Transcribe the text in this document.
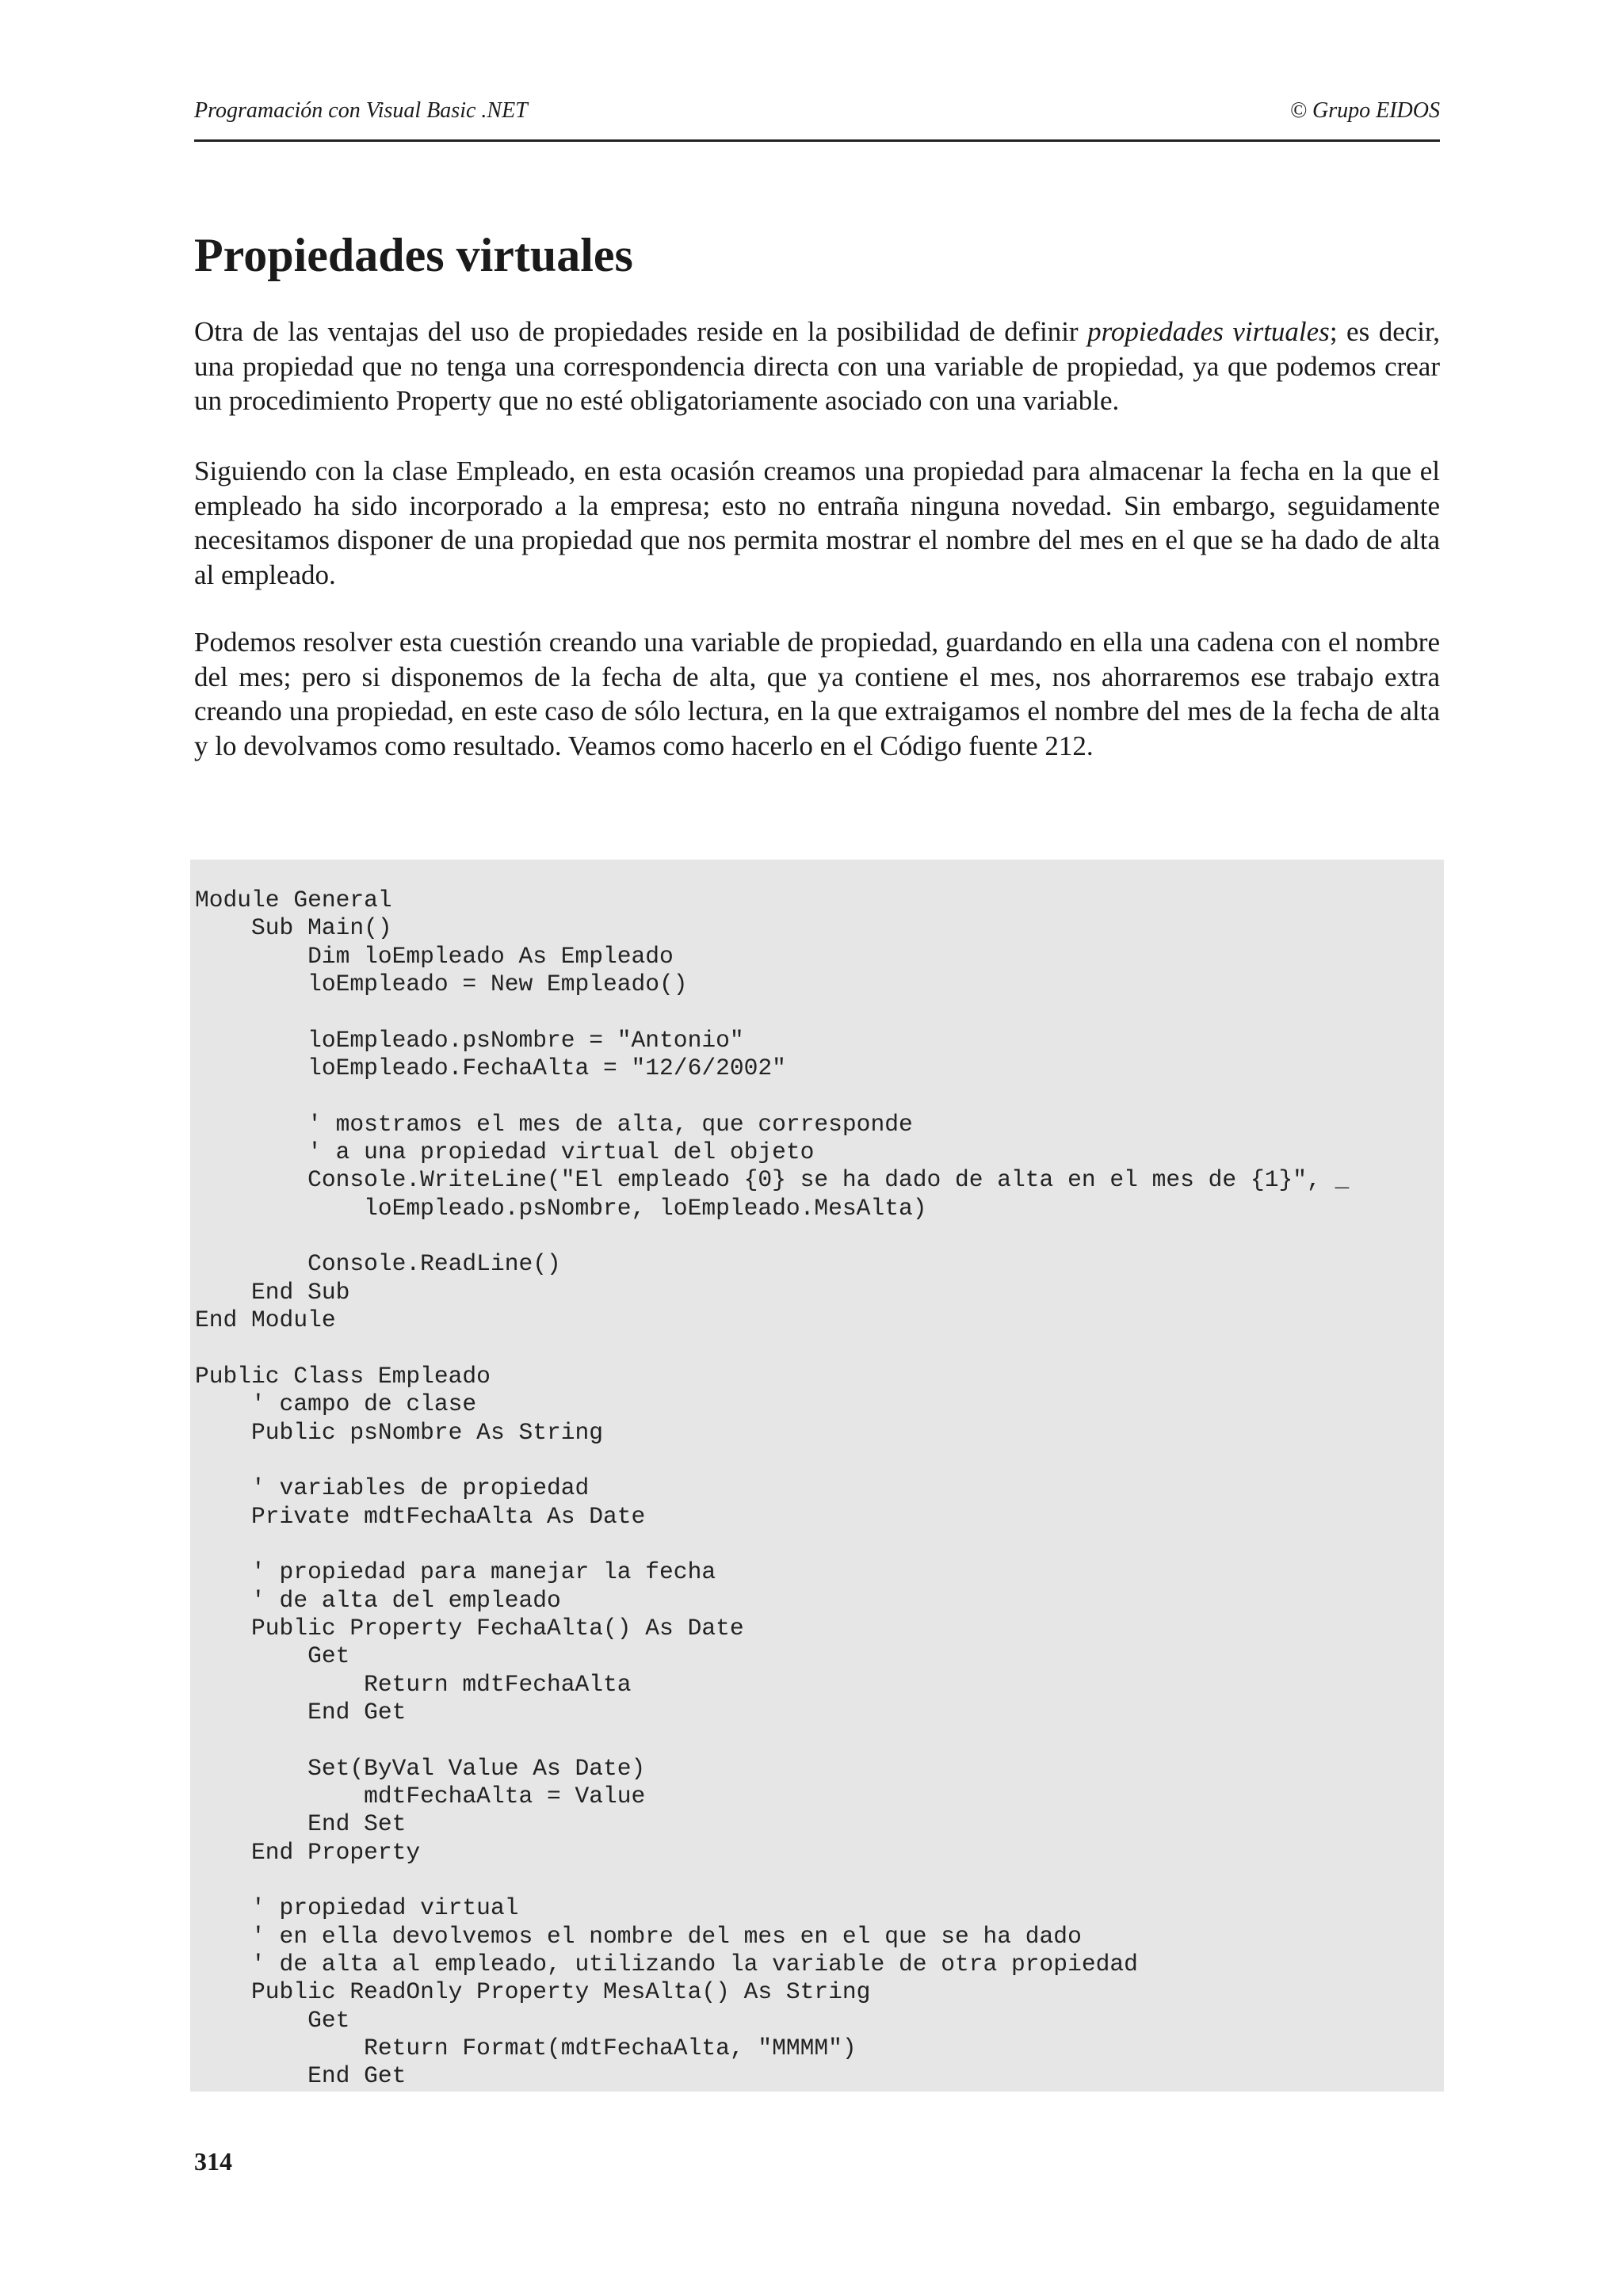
Programación con Visual Basic .NET	© Grupo EIDOS
Propiedades virtuales

Otra de las ventajas del uso de propiedades reside en la posibilidad de definir propiedades virtuales; es decir, una propiedad que no tenga una correspondencia directa con una variable de propiedad, ya que podemos crear un procedimiento Property que no esté obligatoriamente asociado con una variable.

Siguiendo con la clase Empleado, en esta ocasión creamos una propiedad para almacenar la fecha en la que el empleado ha sido incorporado a la empresa; esto no entraña ninguna novedad. Sin embargo, seguidamente necesitamos disponer de una propiedad que nos permita mostrar el nombre del mes en el que se ha dado de alta al empleado.

Podemos resolver esta cuestión creando una variable de propiedad, guardando en ella una cadena con el nombre del mes; pero si disponemos de la fecha de alta, que ya contiene el mes, nos ahorraremos ese trabajo extra creando una propiedad, en este caso de sólo lectura, en la que extraigamos el nombre del mes de la fecha de alta y lo devolvamos como resultado. Veamos como hacerlo en el Código fuente 212.

Module General
Sub Main()
Dim loEmpleado As Empleado
loEmpleado = New Empleado()

loEmpleado.psNombre = "Antonio"
loEmpleado.FechaAlta = "12/6/2002"

' mostramos el mes de alta, que corresponde
' a una propiedad virtual del objeto
Console.WriteLine("El empleado {0} se ha dado de alta en el mes de {1}", _
loEmpleado.psNombre, loEmpleado.MesAlta)

Console.ReadLine()
End Sub
End Module

Public Class Empleado
' campo de clase
Public psNombre As String

' variables de propiedad
Private mdtFechaAlta As Date

' propiedad para manejar la fecha
' de alta del empleado
Public Property FechaAlta() As Date
Get
Return mdtFechaAlta
End Get

Set(ByVal Value As Date)
mdtFechaAlta = Value
End Set
End Property

' propiedad virtual
' en ella devolvemos el nombre del mes en el que se ha dado
' de alta al empleado, utilizando la variable de otra propiedad
Public ReadOnly Property MesAlta() As String
Get
Return Format(mdtFechaAlta, "MMMM")
End Get
314
